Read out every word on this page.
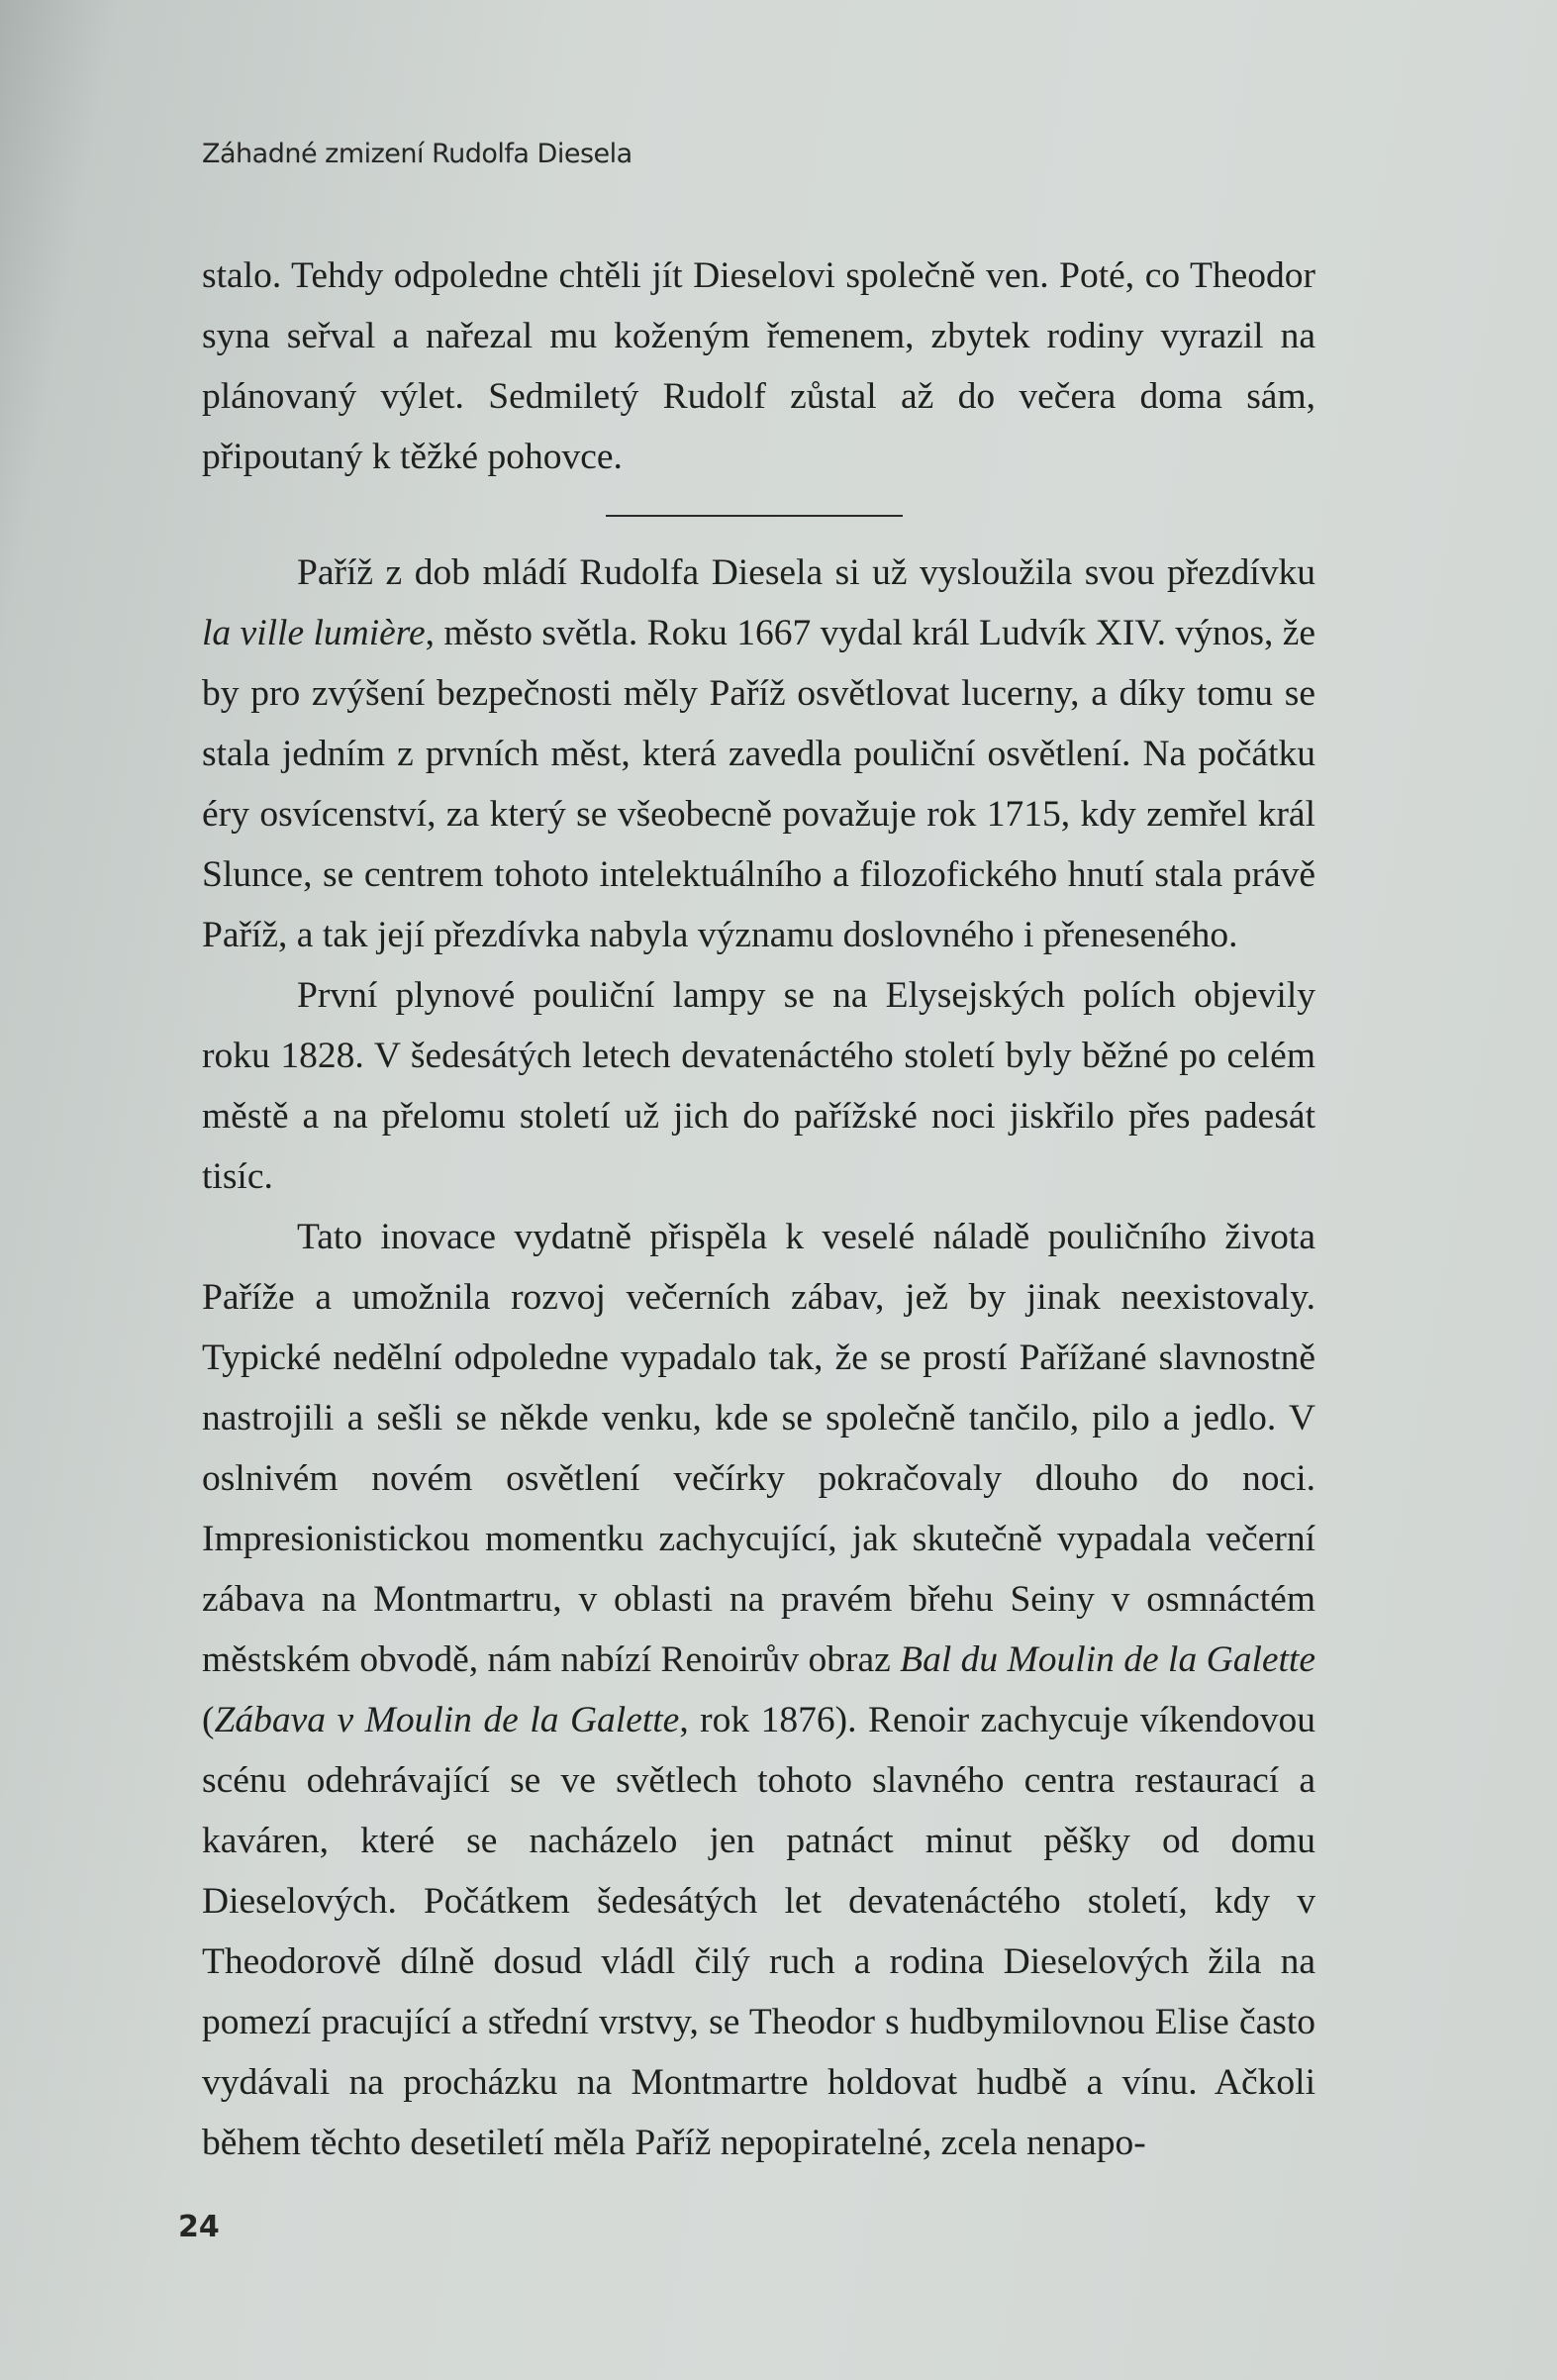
Záhadné zmizení Rudolfa Diesela

stalo. Tehdy odpoledne chtěli jít Dieselovi společně ven. Poté, co Theodor syna seřval a nařezal mu koženým řemenem, zbytek rodiny vyrazil na plánovaný výlet. Sedmiletý Rudolf zůstal až do večera doma sám, připoutaný k těžké pohovce.

Paříž z dob mládí Rudolfa Diesela si už vysloužila svou přezdívku la ville lumière, město světla. Roku 1667 vydal král Ludvík XIV. výnos, že by pro zvýšení bezpečnosti měly Paříž osvětlovat lucerny, a díky tomu se stala jedním z prvních měst, která zavedla pouliční osvětlení. Na počátku éry osvícenství, za který se všeobecně považuje rok 1715, kdy zemřel král Slunce, se centrem tohoto intelektuálního a filozofického hnutí stala právě Paříž, a tak její přezdívka nabyla významu doslovného i přeneseného.

První plynové pouliční lampy se na Elysejských polích objevily roku 1828. V šedesátých letech devatenáctého století byly běžné po celém městě a na přelomu století už jich do pařížské noci jiskřilo přes padesát tisíc.

Tato inovace vydatně přispěla k veselé náladě pouličního života Paříže a umožnila rozvoj večerních zábav, jež by jinak neexistovaly. Typické nedělní odpoledne vypadalo tak, že se prostí Pařížané slavnostně nastrojili a sešli se někde venku, kde se společně tančilo, pilo a jedlo. V oslnivém novém osvětlení večírky pokračovaly dlouho do noci. Impresionistickou momentku zachycující, jak skutečně vypadala večerní zábava na Montmartru, v oblasti na pravém břehu Seiny v osmnáctém městském obvodě, nám nabízí Renoirův obraz Bal du Moulin de la Galette (Zábava v Moulin de la Galette, rok 1876). Renoir zachycuje víkendovou scénu odehrávající se ve světlech tohoto slavného centra restaurací a kaváren, které se nacházelo jen patnáct minut pěšky od domu Dieselových. Počátkem šedesátých let devatenáctého století, kdy v Theodorově dílně dosud vládl čilý ruch a rodina Dieselových žila na pomezí pracující a střední vrstvy, se Theodor s hudbymilovnou Elise často vydávali na procházku na Montmartre holdovat hudbě a vínu. Ačkoli během těchto desetiletí měla Paříž nepopiratelné, zcela nenapo-

24
